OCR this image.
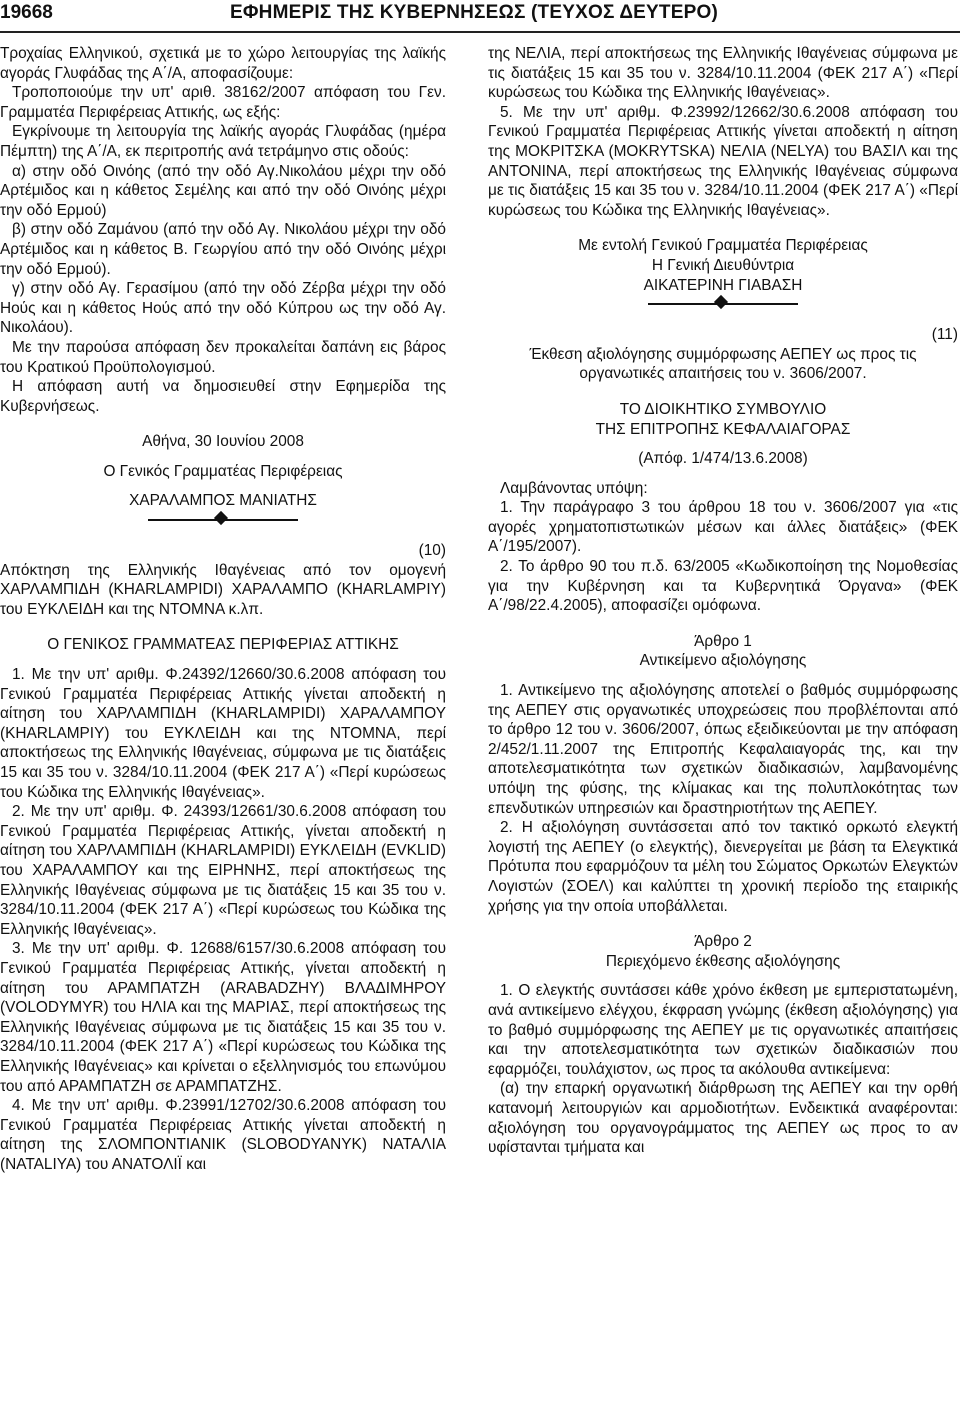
19668	ΕΦΗΜΕΡΙΣ ΤΗΣ ΚΥΒΕΡΝΗΣΕΩΣ (ΤΕΥΧΟΣ ΔΕΥΤΕΡΟ)

Τροχαίας Ελληνικού, σχετικά με το χώρο λειτουργίας της λαϊκής αγοράς Γλυφάδας της Α΄/Α, αποφασίζουμε:

Τροποποιούμε την υπ' αριθ. 38162/2007 απόφαση του Γεν. Γραμματέα Περιφέρειας Αττικής, ως εξής:

Εγκρίνουμε τη λειτουργία της λαϊκής αγοράς Γλυφάδας (ημέρα Πέμπτη) της Α΄/Α, εκ περιτροπής ανά τετράμηνο στις οδούς:

α) στην οδό Οινόης (από την οδό Αγ.Νικολάου μέχρι την οδό Αρτέμιδος και η κάθετος Σεμέλης και από την οδό Οινόης μέχρι την οδό Ερμού)

β) στην οδό Ζαμάνου (από την οδό Αγ. Νικολάου μέχρι την οδό Αρτέμιδος και η κάθετος Β. Γεωργίου από την οδό Οινόης μέχρι την οδό Ερμού).

γ) στην οδό Αγ. Γερασίμου (από την οδό Ζέρβα μέχρι την οδό Ηούς και η κάθετος Ηούς από την οδό Κύπρου ως την οδό Αγ. Νικολάου).

Με την παρούσα απόφαση δεν προκαλείται δαπάνη εις βάρος του Κρατικού Προϋπολογισμού.

Η απόφαση αυτή να δημοσιευθεί στην Εφημερίδα της Κυβερνήσεως.

Αθήνα, 30 Ιουνίου 2008

Ο Γενικός Γραμματέας Περιφέρειας

ΧΑΡΑΛΑΜΠΟΣ ΜΑΝΙΑΤΗΣ

(10)

Απόκτηση της Ελληνικής Ιθαγένειας από τον ομογενή ΧΑΡΛΑΜΠΙΔΗ (KHARLAMPIDI) ΧΑΡΑΛΑΜΠΟ (KHARLAMPIY) του ΕΥΚΛΕΙΔΗ και της ΝΤΟΜΝΑ κ.λπ.

Ο ΓΕΝΙΚΟΣ ΓΡΑΜΜΑΤΕΑΣ ΠΕΡΙΦΕΡΙΑΣ ΑΤΤΙΚΗΣ

1. Με την υπ' αριθμ. Φ.24392/12660/30.6.2008 απόφαση του Γενικού Γραμματέα Περιφέρειας Αττικής γίνεται αποδεκτή η αίτηση του ΧΑΡΛΑΜΠΙΔΗ (KHARLAMPIDI) ΧΑΡΑΛΑΜΠΟΥ (KHARLAMPIY) του ΕΥΚΛΕΙΔΗ και της ΝΤΟΜΝΑ, περί αποκτήσεως της Ελληνικής Ιθαγένειας, σύμφωνα με τις διατάξεις 15 και 35 του ν. 3284/10.11.2004 (ΦΕΚ 217 Α΄) «Περί κυρώσεως του Κώδικα της Ελληνικής Ιθαγένειας».

2. Με την υπ' αριθμ. Φ. 24393/12661/30.6.2008 απόφαση του Γενικού Γραμματέα Περιφέρειας Αττικής, γίνεται αποδεκτή η αίτηση του ΧΑΡΛΑΜΠΙΔΗ (KHARLAMPIDI) ΕΥΚΛΕΙΔΗ (EVKLID) του ΧΑΡΑΛΑΜΠΟΥ και της ΕΙΡΗΝΗΣ, περί αποκτήσεως της Ελληνικής Ιθαγένειας σύμφωνα με τις διατάξεις 15 και 35 του ν. 3284/10.11.2004 (ΦΕΚ 217 Α΄) «Περί κυρώσεως του Κώδικα της Ελληνικής Ιθαγένειας».

3. Με την υπ' αριθμ. Φ. 12688/6157/30.6.2008 απόφαση του Γενικού Γραμματέα Περιφέρειας Αττικής, γίνεται αποδεκτή η αίτηση του ΑΡΑΜΠΑΤΖΗ (ARABADZHY) ΒΛΑΔΙΜΗΡΟΥ (VOLODYMYR) του ΗΛΙΑ και της ΜΑΡΙΑΣ, περί αποκτήσεως της Ελληνικής Ιθαγένειας σύμφωνα με τις διατάξεις 15 και 35 του ν. 3284/10.11.2004 (ΦΕΚ 217 Α΄) «Περί κυρώσεως του Κώδικα της Ελληνικής Ιθαγένειας» και κρίνεται ο εξελληνισμός του επωνύμου του από ΑΡΑΜΠΑΤΖΗ σε ΑΡΑΜΠΑΤΖΗΣ.

4. Με την υπ' αριθμ. Φ.23991/12702/30.6.2008 απόφαση του Γενικού Γραμματέα Περιφέρειας Αττικής γίνεται αποδεκτή η αίτηση της ΣΛΟΜΠΟΝΤΙΑΝΙΚ (SLOBODYANYK) ΝΑΤΑΛΙΑ (NATALIYA) του ΑΝΑΤΟΛΙΪ και

της ΝΕΛΙΑ, περί αποκτήσεως της Ελληνικής Ιθαγένειας σύμφωνα με τις διατάξεις 15 και 35 του ν. 3284/10.11.2004 (ΦΕΚ 217 Α΄) «Περί κυρώσεως του Κώδικα της Ελληνικής Ιθαγένειας».

5. Με την υπ' αριθμ. Φ.23992/12662/30.6.2008 απόφαση του Γενικού Γραμματέα Περιφέρειας Αττικής γίνεται αποδεκτή η αίτηση της ΜΟΚΡΙΤΣΚΑ (MOKRYTSKA) ΝΕΛΙΑ (NELYA) του ΒΑΣΙΛ και της ΑΝΤΟΝΙΝΑ, περί αποκτήσεως της Ελληνικής Ιθαγένειας σύμφωνα με τις διατάξεις 15 και 35 του ν. 3284/10.11.2004 (ΦΕΚ 217 Α΄) «Περί κυρώσεως του Κώδικα της Ελληνικής Ιθαγένειας».

Με εντολή Γενικού Γραμματέα Περιφέρειας

Η Γενική Διευθύντρια

ΑΙΚΑΤΕΡΙΝΗ ΓΙΑΒΑΣΗ

(11)

Έκθεση αξιολόγησης συμμόρφωσης ΑΕΠΕΥ ως προς τις οργανωτικές απαιτήσεις του ν. 3606/2007.

ΤΟ ΔΙΟΙΚΗΤΙΚΟ ΣΥΜΒΟΥΛΙΟ

ΤΗΣ ΕΠΙΤΡΟΠΗΣ ΚΕΦΑΛΑΙΑΓΟΡΑΣ

(Απόφ. 1/474/13.6.2008)

Λαμβάνοντας υπόψη:

1. Την παράγραφο 3 του άρθρου 18 του ν. 3606/2007 για «τις αγορές χρηματοπιστωτικών μέσων και άλλες διατάξεις» (ΦΕΚ Α΄/195/2007).

2. Το άρθρο 90 του π.δ. 63/2005 «Κωδικοποίηση της Νομοθεσίας για την Κυβέρνηση και τα Κυβερνητικά Όργανα» (ΦΕΚ Α΄/98/22.4.2005), αποφασίζει ομόφωνα.

Άρθρο 1

Αντικείμενο αξιολόγησης

1. Αντικείμενο της αξιολόγησης αποτελεί ο βαθμός συμμόρφωσης της ΑΕΠΕΥ στις οργανωτικές υποχρεώσεις που προβλέπονται από το άρθρο 12 του ν. 3606/2007, όπως εξειδικεύονται με την απόφαση 2/452/1.11.2007 της Επιτροπής Κεφαλαιαγοράς της, και την αποτελεσματικότητα των σχετικών διαδικασιών, λαμβανομένης υπόψη της φύσης, της κλίμακας και της πολυπλοκότητας των επενδυτικών υπηρεσιών και δραστηριοτήτων της ΑΕΠΕΥ.

2. Η αξιολόγηση συντάσσεται από τον τακτικό ορκωτό ελεγκτή λογιστή της ΑΕΠΕΥ (ο ελεγκτής), διενεργείται με βάση τα Ελεγκτικά Πρότυπα που εφαρμόζουν τα μέλη του Σώματος Ορκωτών Ελεγκτών Λογιστών (ΣΟΕΛ) και καλύπτει τη χρονική περίοδο της εταιρικής χρήσης για την οποία υποβάλλεται.

Άρθρο 2

Περιεχόμενο έκθεσης αξιολόγησης

1. Ο ελεγκτής συντάσσει κάθε χρόνο έκθεση με εμπεριστατωμένη, ανά αντικείμενο ελέγχου, έκφραση γνώμης (έκθεση αξιολόγησης) για το βαθμό συμμόρφωσης της ΑΕΠΕΥ με τις οργανωτικές απαιτήσεις και την αποτελεσματικότητα των σχετικών διαδικασιών που εφαρμόζει, τουλάχιστον, ως προς τα ακόλουθα αντικείμενα:

(α) την επαρκή οργανωτική διάρθρωση της ΑΕΠΕΥ και την ορθή κατανομή λειτουργιών και αρμοδιοτήτων. Ενδεικτικά αναφέρονται: αξιολόγηση του οργανογράμματος της ΑΕΠΕΥ ως προς το αν υφίστανται τμήματα και
